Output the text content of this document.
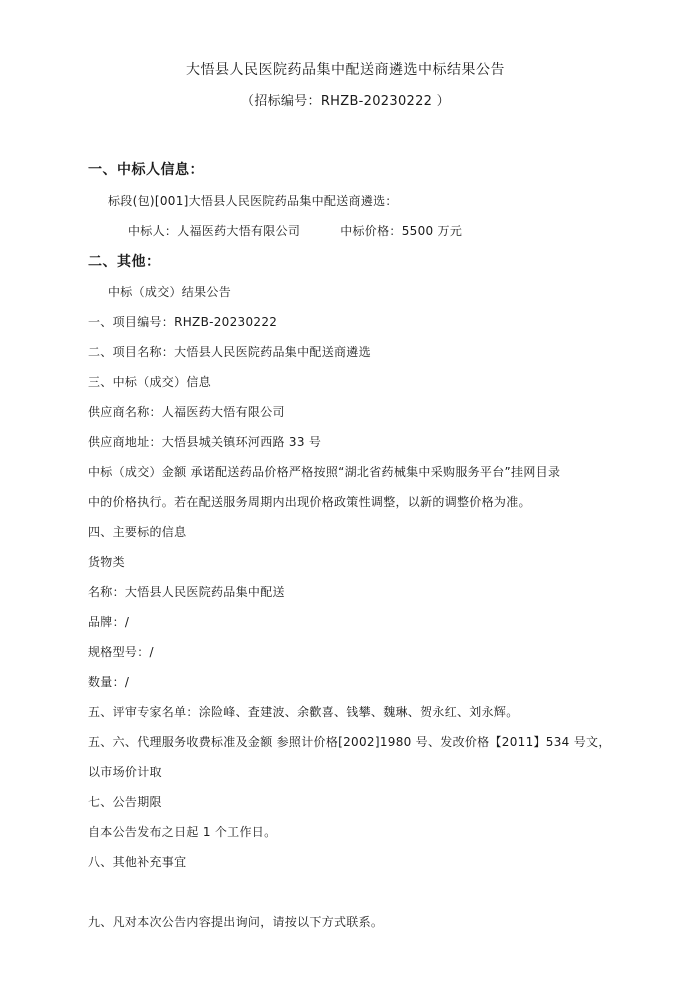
大悟县人民医院药品集中配送商遴选中标结果公告
（招标编号：RHZB-20230222 ）
一、中标人信息：
标段(包)[001]大悟县人民医院药品集中配送商遴选：
中标人：人福医药大悟有限公司	中标价格：5500 万元
二、其他：
中标（成交）结果公告
一、项目编号：RHZB-20230222
二、项目名称：大悟县人民医院药品集中配送商遴选
三、中标（成交）信息
供应商名称：人福医药大悟有限公司
供应商地址：大悟县城关镇环河西路 33 号
中标（成交）金额 承诺配送药品价格严格按照“湖北省药械集中采购服务平台”挂网目录
中的价格执行。若在配送服务周期内出现价格政策性调整，以新的调整价格为准。
四、主要标的信息
货物类
名称：大悟县人民医院药品集中配送
品牌：/
规格型号：/
数量：/
五、评审专家名单：涂险峰、査建波、余歡喜、钱攀、魏琳、贺永红、刘永辉。
五、六、代理服务收费标准及金额 参照计价格[2002]1980 号、发改价格【2011】534 号文，
以市场价计取
七、公告期限
自本公告发布之日起 1 个工作日。
八、其他补充事宜
九、凡对本次公告内容提出询问，请按以下方式联系。
